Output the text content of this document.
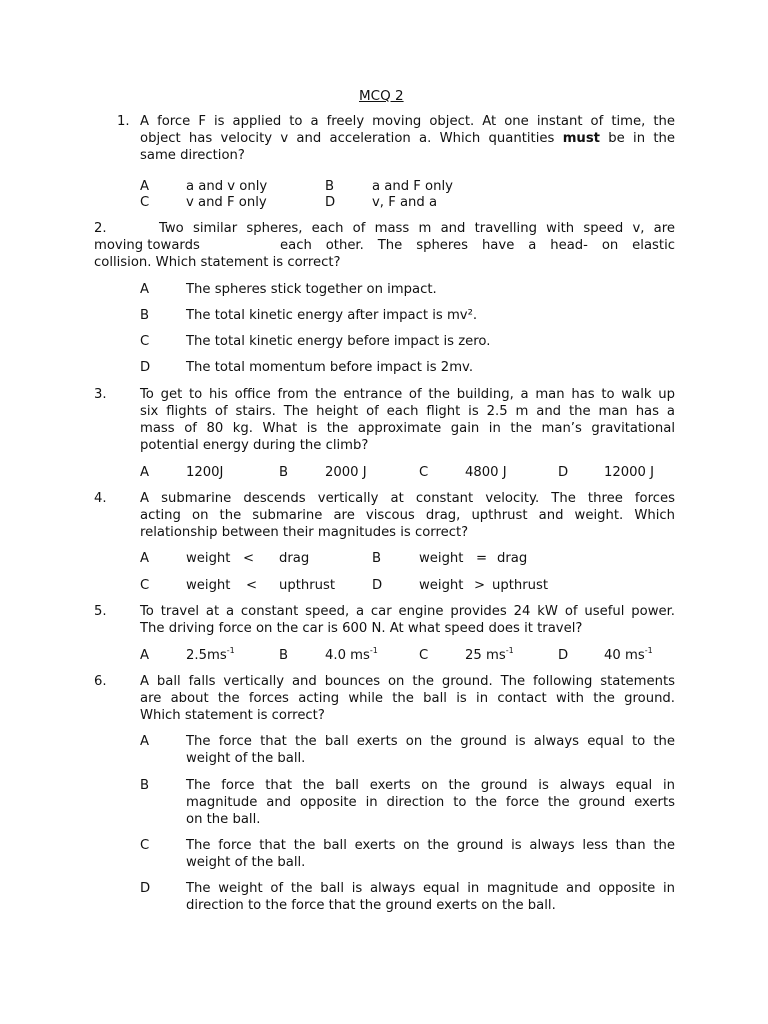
MCQ 2
1. A force F is applied to a freely moving object. At one instant of time, the
object has velocity v and acceleration a. Which quantities must be in the
same direction?
A	a and v only	B	a and F only
C	v and F only	D	v, F and a
2.	Two similar spheres, each of mass m and travelling with speed v, are
moving towards	each other. The spheres have a head- on elastic
collision. Which statement is correct?
A	The spheres stick together on impact.
B	The total kinetic energy after impact is mv².
C	The total kinetic energy before impact is zero.
D	The total momentum before impact is 2mv.
3.	To get to his office from the entrance of the building, a man has to walk up
six flights of stairs. The height of each flight is 2.5 m and the man has a
mass of 80 kg. What is the approximate gain in the man’s gravitational
potential energy during the climb?
A	1200J	B	2000 J	C	4800 J	D	12000 J
4.	A submarine descends vertically at constant velocity. The three forces
acting on the submarine are viscous drag, upthrust and weight. Which
relationship between their magnitudes is correct?
A	weight < drag	B	weight = drag
C	weight < upthrust	D	weight > upthrust
5.	To travel at a constant speed, a car engine provides 24 kW of useful power.
The driving force on the car is 600 N. At what speed does it travel?
A	$2.5ms^{-1}$	B	4.0 $ms^{-1}$	C	25 $ms^{-1}$	D	40 $ms^{-1}$
6.	A ball falls vertically and bounces on the ground. The following statements
are about the forces acting while the ball is in contact with the ground.
Which statement is correct?
A	The force that the ball exerts on the ground is always equal to the
weight of the ball.
B	The force that the ball exerts on the ground is always equal in
magnitude and opposite in direction to the force the ground exerts
on the ball.
C	The force that the ball exerts on the ground is always less than the
weight of the ball.
D	The weight of the ball is always equal in magnitude and opposite in
direction to the force that the ground exerts on the ball.
